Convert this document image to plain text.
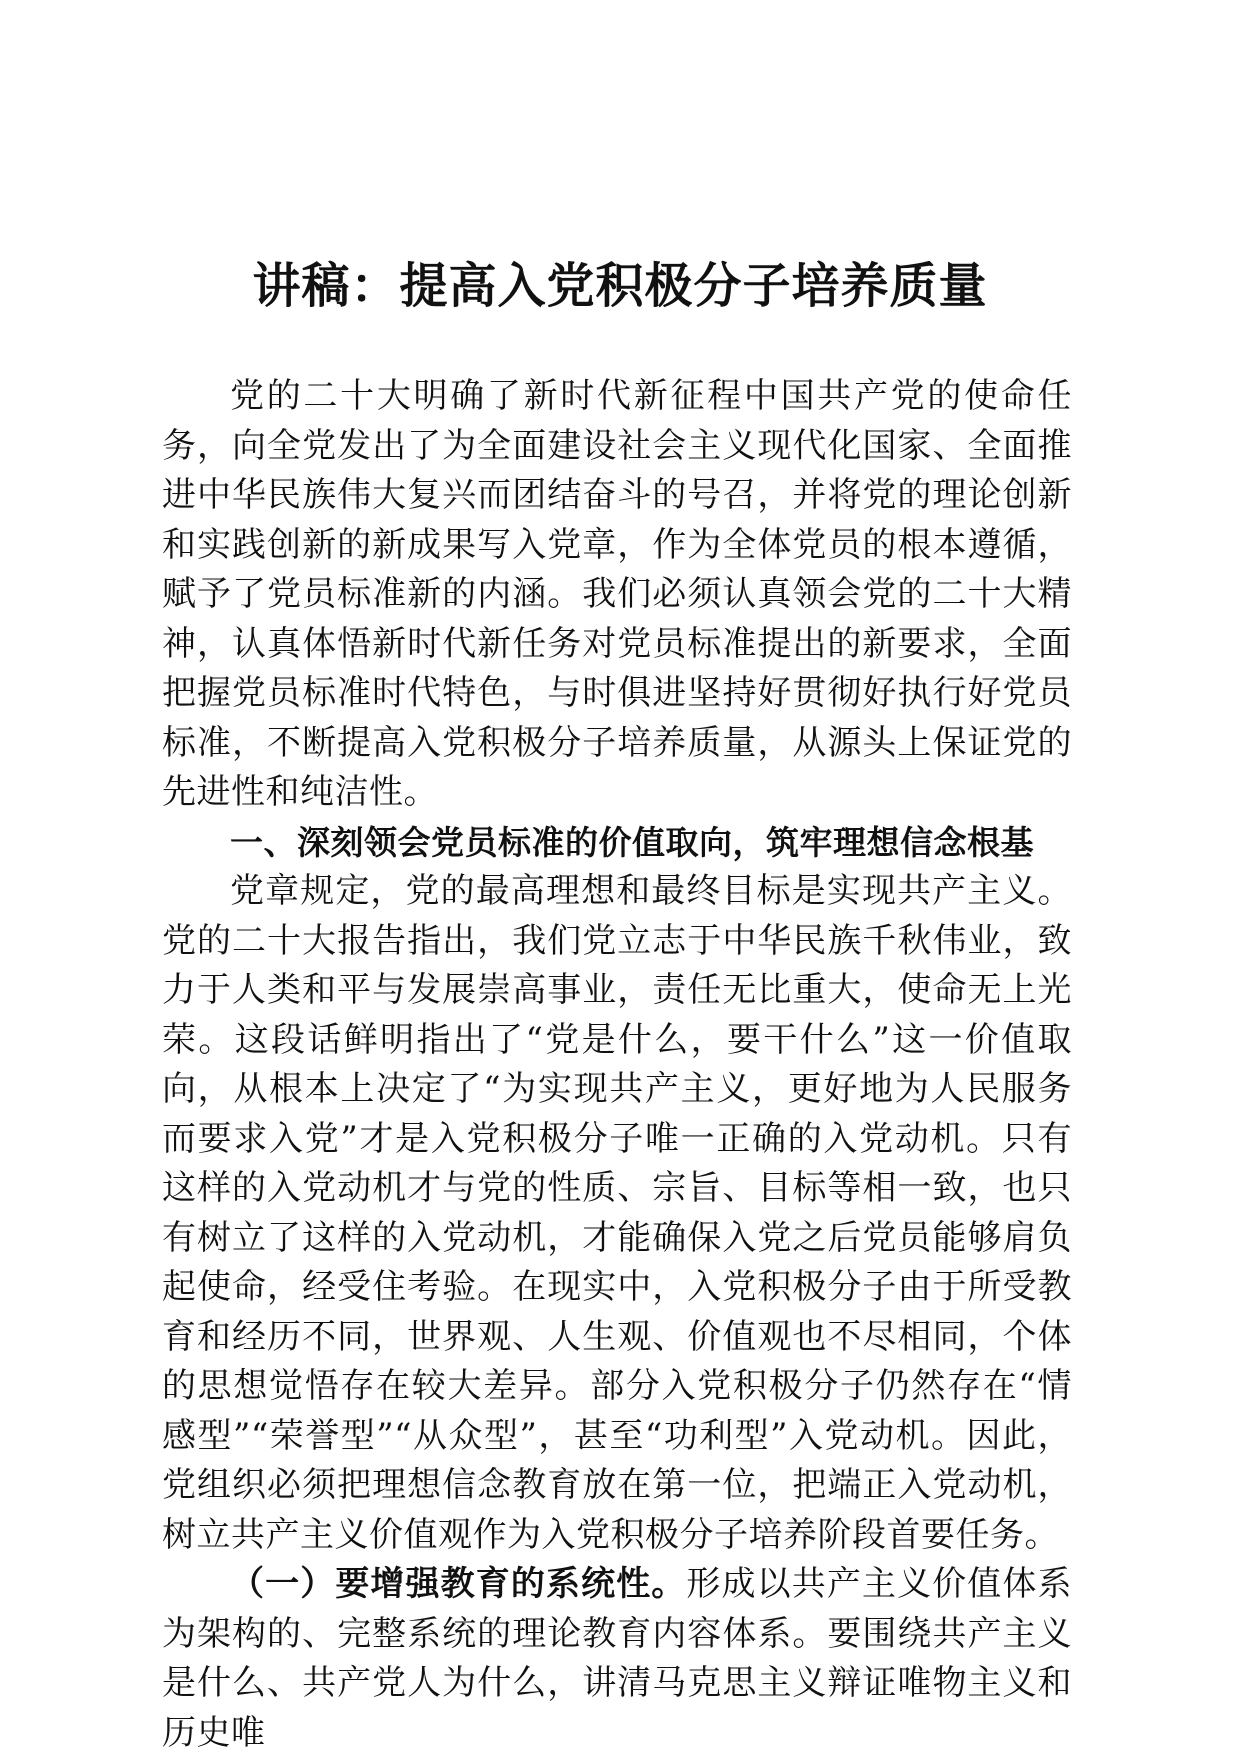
讲稿：提高入党积极分子培养质量

党的二十大明确了新时代新征程中国共产党的使命任务，向全党发出了为全面建设社会主义现代化国家、全面推进中华民族伟大复兴而团结奋斗的号召，并将党的理论创新和实践创新的新成果写入党章，作为全体党员的根本遵循，赋予了党员标准新的内涵。我们必须认真领会党的二十大精神，认真体悟新时代新任务对党员标准提出的新要求，全面把握党员标准时代特色，与时俱进坚持好贯彻好执行好党员标准，不断提高入党积极分子培养质量，从源头上保证党的先进性和纯洁性。

一、深刻领会党员标准的价值取向，筑牢理想信念根基

党章规定，党的最高理想和最终目标是实现共产主义。党的二十大报告指出，我们党立志于中华民族千秋伟业，致力于人类和平与发展崇高事业，责任无比重大，使命无上光荣。这段话鲜明指出了“党是什么，要干什么”这一价值取向，从根本上决定了“为实现共产主义，更好地为人民服务而要求入党”才是入党积极分子唯一正确的入党动机。只有这样的入党动机才与党的性质、宗旨、目标等相一致，也只有树立了这样的入党动机，才能确保入党之后党员能够肩负起使命，经受住考验。在现实中，入党积极分子由于所受教育和经历不同，世界观、人生观、价值观也不尽相同，个体的思想觉悟存在较大差异。部分入党积极分子仍然存在“情感型”“荣誉型”“从众型”，甚至“功利型”入党动机。因此，党组织必须把理想信念教育放在第一位，把端正入党动机，树立共产主义价值观作为入党积极分子培养阶段首要任务。

（一）要增强教育的系统性。形成以共产主义价值体系为架构的、完整系统的理论教育内容体系。要围绕共产主义是什么、共产党人为什么，讲清马克思主义辩证唯物主义和历史唯
